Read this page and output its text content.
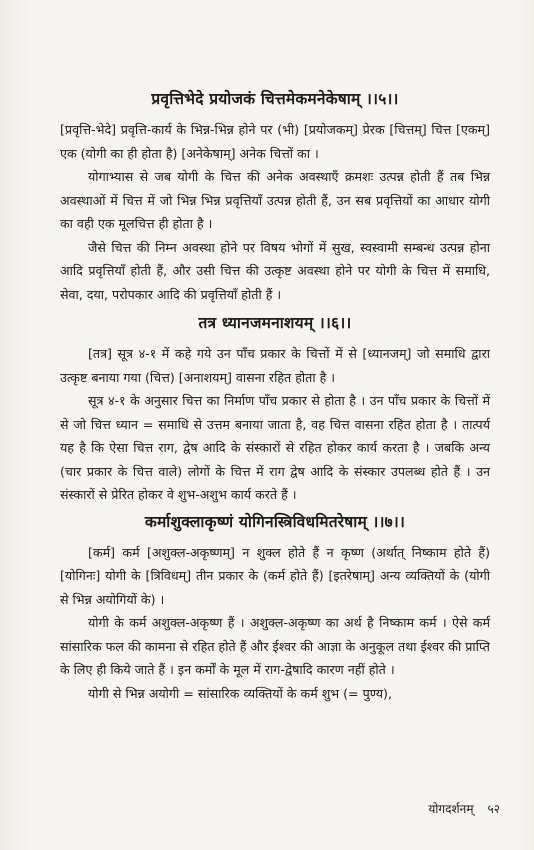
प्रवृत्तिभेदे प्रयोजकं चित्तमेकमनेकेषाम् ।।५।।

[प्रवृत्ति-भेदे] प्रवृत्ति-कार्य के भिन्न-भिन्न होने पर (भी) [प्रयोजकम्] प्रेरक [चित्तम्] चित्त [एकम्] एक (योगी का ही होता है) [अनेकेषाम्] अनेक चित्तों का ।

योगाभ्यास से जब योगी के चित्त की अनेक अवस्थाएँ क्रमशः उत्पन्न होती हैं तब भिन्न अवस्थाओं में चित्त में जो भिन्न भिन्न प्रवृत्तियाँ उत्पन्न होती हैं, उन सब प्रवृत्तियों का आधार योगी का वही एक मूलचित्त ही होता है ।

जैसे चित्त की निम्न अवस्था होने पर विषय भोगों में सुख, स्वस्वामी सम्बन्ध उत्पन्न होना आदि प्रवृत्तियाँ होती हैं, और उसी चित्त की उत्कृष्ट अवस्था होने पर योगी के चित्त में समाधि, सेवा, दया, परोपकार आदि की प्रवृत्तियाँ होती हैं ।

तत्र ध्यानजमनाशयम् ।।६।।

[तत्र] सूत्र ४-१ में कहे गये उन पाँच प्रकार के चित्तों में से [ध्यानजम्] जो समाधि द्वारा उत्कृष्ट बनाया गया (चित्त) [अनाशयम्] वासना रहित होता है ।

सूत्र ४-१ के अनुसार चित्त का निर्माण पाँच प्रकार से होता है । उन पाँच प्रकार के चित्तों में से जो चित्त ध्यान = समाधि से उत्तम बनाया जाता है, वह चित्त वासना रहित होता है । तात्पर्य यह है कि ऐसा चित्त राग, द्वेष आदि के संस्कारों से रहित होकर कार्य करता है । जबकि अन्य (चार प्रकार के चित्त वाले) लोगों के चित्त में राग द्वेष आदि के संस्कार उपलब्ध होते हैं । उन संस्कारों से प्रेरित होकर वे शुभ-अशुभ कार्य करते हैं ।

कर्माशुक्लाकृष्णं योगिनस्त्रिविधमितरेषाम् ।।७।।

[कर्म] कर्म [अशुक्ल-अकृष्णम्] न शुक्ल होते हैं न कृष्ण (अर्थात् निष्काम होते हैं) [योगिनः] योगी के [त्रिविधम्] तीन प्रकार के (कर्म होते हैं) [इतरेषाम्] अन्य व्यक्तियों के (योगी से भिन्न अयोगियों के) ।

योगी के कर्म अशुक्ल-अकृष्ण हैं । अशुक्ल-अकृष्ण का अर्थ है निष्काम कर्म । ऐसे कर्म सांसारिक फल की कामना से रहित होते हैं और ईश्वर की आज्ञा के अनुकूल तथा ईश्वर की प्राप्ति के लिए ही किये जाते हैं । इन कर्मों के मूल में राग-द्वेषादि कारण नहीं होते ।

योगी से भिन्न अयोगी = सांसारिक व्यक्तियों के कर्म शुभ (= पुण्य),

योगदर्शनम् ५२
